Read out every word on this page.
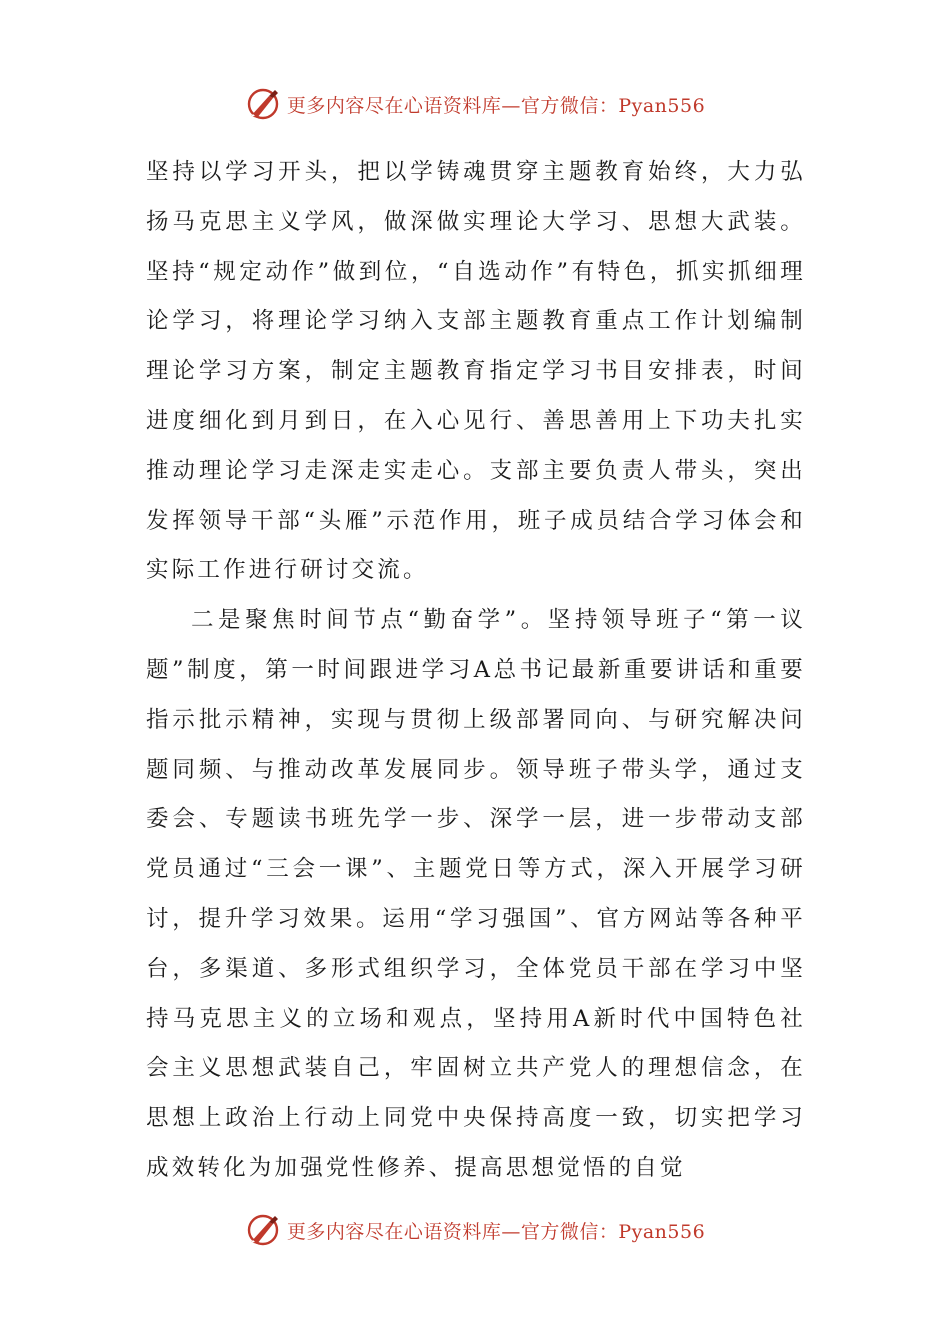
更多内容尽在心语资料库—官方微信：Pyan556

坚持以学习开头，把以学铸魂贯穿主题教育始终，大力弘扬马克思主义学风，做深做实理论大学习、思想大武装。坚持“规定动作”做到位，“自选动作”有特色，抓实抓细理论学习，将理论学习纳入支部主题教育重点工作计划编制理论学习方案，制定主题教育指定学习书目安排表，时间进度细化到月到日，在入心见行、善思善用上下功夫扎实推动理论学习走深走实走心。支部主要负责人带头，突出发挥领导干部“头雁”示范作用，班子成员结合学习体会和实际工作进行研讨交流。

二是聚焦时间节点“勤奋学”。坚持领导班子“第一议题”制度，第一时间跟进学习A总书记最新重要讲话和重要指示批示精神，实现与贯彻上级部署同向、与研究解决问题同频、与推动改革发展同步。领导班子带头学，通过支委会、专题读书班先学一步、深学一层，进一步带动支部党员通过“三会一课”、主题党日等方式，深入开展学习研讨，提升学习效果。运用“学习强国”、官方网站等各种平台，多渠道、多形式组织学习，全体党员干部在学习中坚持马克思主义的立场和观点，坚持用A新时代中国特色社会主义思想武装自己，牢固树立共产党人的理想信念，在思想上政治上行动上同党中央保持高度一致，切实把学习成效转化为加强党性修养、提高思想觉悟的自觉

更多内容尽在心语资料库—官方微信：Pyan556
